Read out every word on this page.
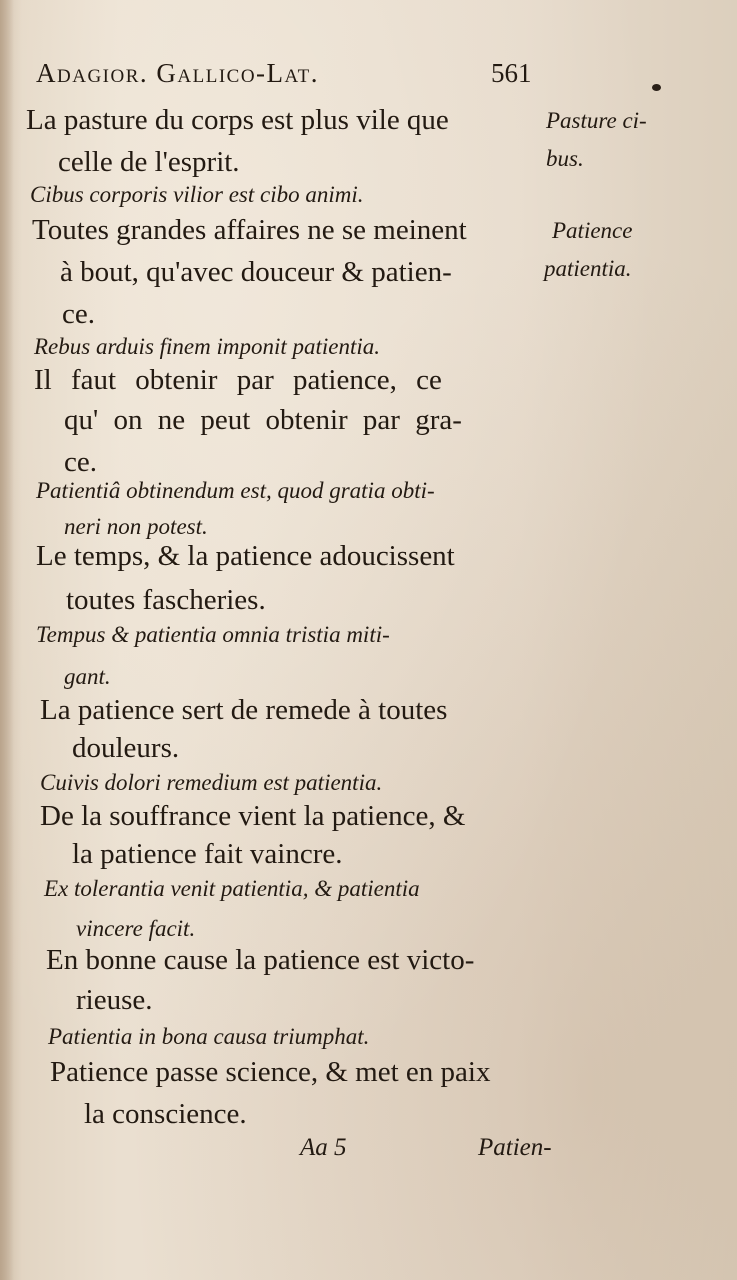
Adagior. Gallico-Lat.	561
La pasture du corps est plus vile que
celle de l'esprit.
Pasture ci-
bus.
Cibus corporis vilior est cibo animi.
Toutes grandes affaires ne se meinent
à bout, qu'avec douceur & patien-
ce.
Patience
patientia.
Rebus arduis finem imponit patientia.
Il faut obtenir par patience, ce
qu' on ne peut obtenir par gra-
ce.
Patientiâ obtinendum est, quod gratia obti-
neri non potest.
Le temps, & la patience adoucissent
toutes fascheries.
Tempus & patientia omnia tristia miti-
gant.
La patience sert de remede à toutes
douleurs.
Cuivis dolori remedium est patientia.
De la souffrance vient la patience, &
la patience fait vaincre.
Ex tolerantia venit patientia, & patientia
vincere facit.
En bonne cause la patience est victo-
rieuse.
Patientia in bona causa triumphat.
Patience passe science, & met en paix
la conscience.
Aa 5	Patien-
